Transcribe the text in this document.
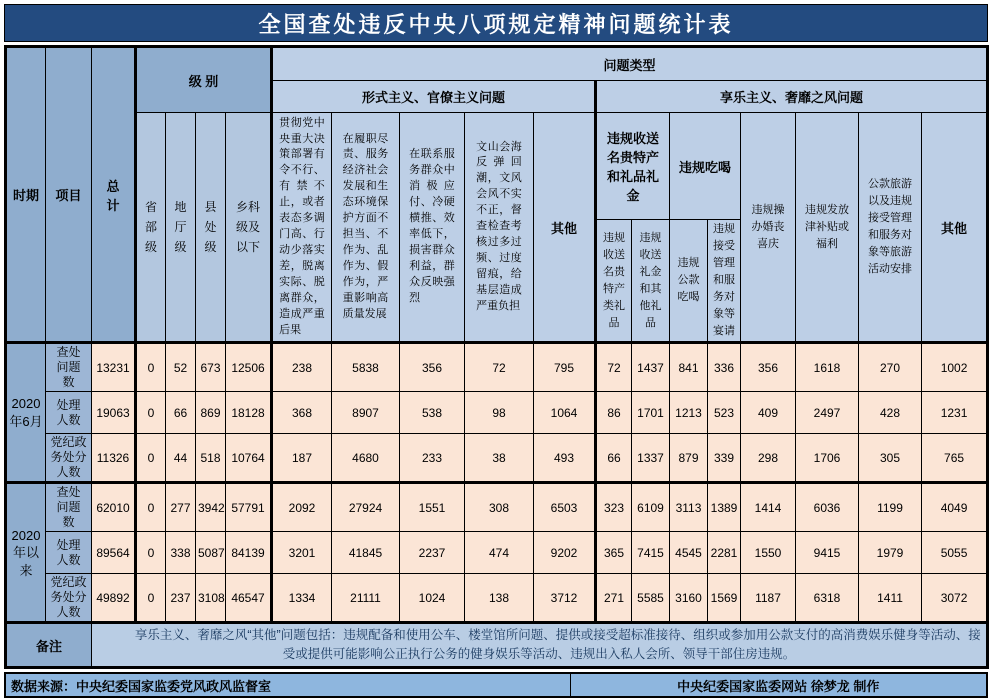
全国查处违反中央八项规定精神问题统计表
时期	项目	总计	级 别				问题类型												
							形式主义、官僚主义问题					享乐主义、奢靡之风问题							
			省部级	地厅级	县处级	乡科级及以下	贯彻党中央重大决策部署有令不行、有禁不止，或者表态多调门高、行动少落实差，脱离实际、脱离群众，造成严重后果	在履职尽责、服务经济社会发展和生态环境保护方面不担当、不作为、乱作为、假作为，严重影响高质量发展	在联系服务群众中消极应付、冷硬横推、效率低下，损害群众利益，群众反映强烈	文山会海反弹回潮，文风会风不实不正，督查检查考核过多过频、过度留痕，给基层造成严重负担	其他	违规收送名贵特产和礼品礼金		违规吃喝		违规操办婚丧喜庆	违规发放津补贴或福利	公款旅游以及违规接受管理和服务对象等旅游活动安排	其他
												违规收送名贵特产类礼品	违规收送礼金和其他礼品	违规公款吃喝	违规接受管理和服务对象等宴请				
2020年6月	查处问题数	13231	0	52	673	12506	238	5838	356	72	795	72	1437	841	336	356	1618	270	1002
	处理人数	19063	0	66	869	18128	368	8907	538	98	1064	86	1701	1213	523	409	2497	428	1231
	党纪政务处分人数	11326	0	44	518	10764	187	4680	233	38	493	66	1337	879	339	298	1706	305	765
2020年以来	查处问题数	62010	0	277	3942	57791	2092	27924	1551	308	6503	323	6109	3113	1389	1414	6036	1199	4049
	处理人数	89564	0	338	5087	84139	3201	41845	2237	474	9202	365	7415	4545	2281	1550	9415	1979	5055
	党纪政务处分人数	49892	0	237	3108	46547	1334	21111	1024	138	3712	271	5585	3160	1569	1187	6318	1411	3072
备注		享乐主义、奢靡之风“其他”问题包括：违规配备和使用公车、楼堂馆所问题、提供或接受超标准接待、组织或参加用公款支付的高消费娱乐健身等活动、接受或提供可能影响公正执行公务的健身娱乐等活动、违规出入私人会所、领导干部住房违规。																	
数据来源：中央纪委国家监委党风政风监督室	中央纪委国家监委网站 徐梦龙 制作
